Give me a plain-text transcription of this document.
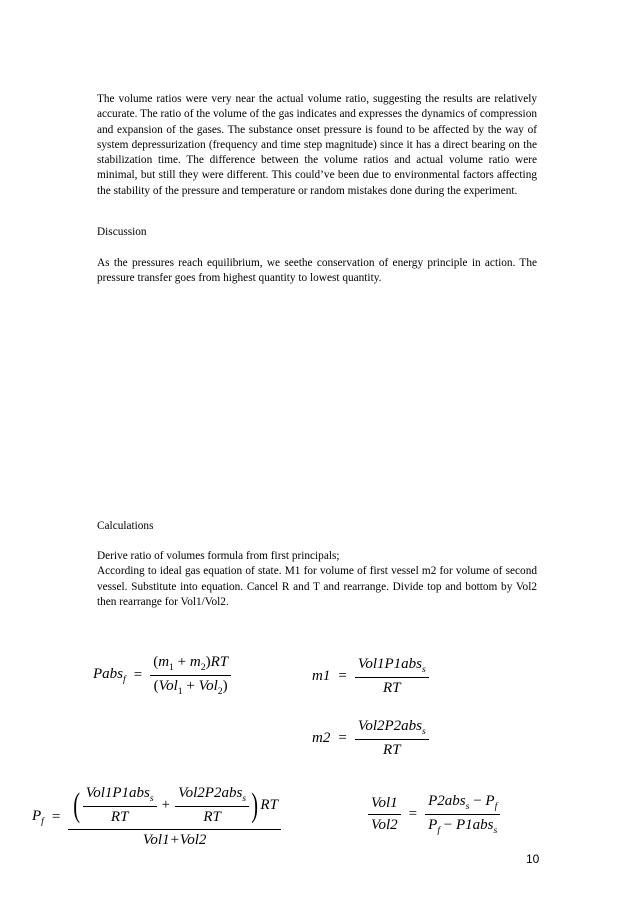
The volume ratios were very near the actual volume ratio, suggesting the results are relatively accurate. The ratio of the volume of the gas indicates and expresses the dynamics of compression and expansion of the gases. The substance onset pressure is found to be affected by the way of system depressurization (frequency and time step magnitude) since it has a direct bearing on the stabilization time. The difference between the volume ratios and actual volume ratio were minimal, but still they were different. This could’ve been due to environmental factors affecting the stability of the pressure and temperature or random mistakes done during the experiment.

Discussion

As the pressures reach equilibrium, we seethe conservation of energy principle in action. The pressure transfer goes from highest quantity to lowest quantity.

Calculations

Derive ratio of volumes formula from first principals;

According to ideal gas equation of state. M1 for volume of first vessel m2 for volume of second vessel. Substitute into equation. Cancel R and T and rearrange. Divide top and bottom by Vol2 then rearrange for Vol1/Vol2.

Pabs$_f$ = $\frac{(m_1 + m_2)RT}{(Vol_1 + Vol_2)}$	$m1 = \frac{Vol1P1abs_s}{RT}$
$m2 = \frac{Vol2P2abs_s}{RT}$
$P_f$ = ( $\frac{Vol1P1abs_s}{RT} + \frac{Vol2P2abs_s}{RT}$ ) RT
Vol1+Vol2
$\frac{\text{Vol1}}{\text{Vol2}} = \frac{P2abs_s - P_f}{P_f - P1abs_s}$
10
